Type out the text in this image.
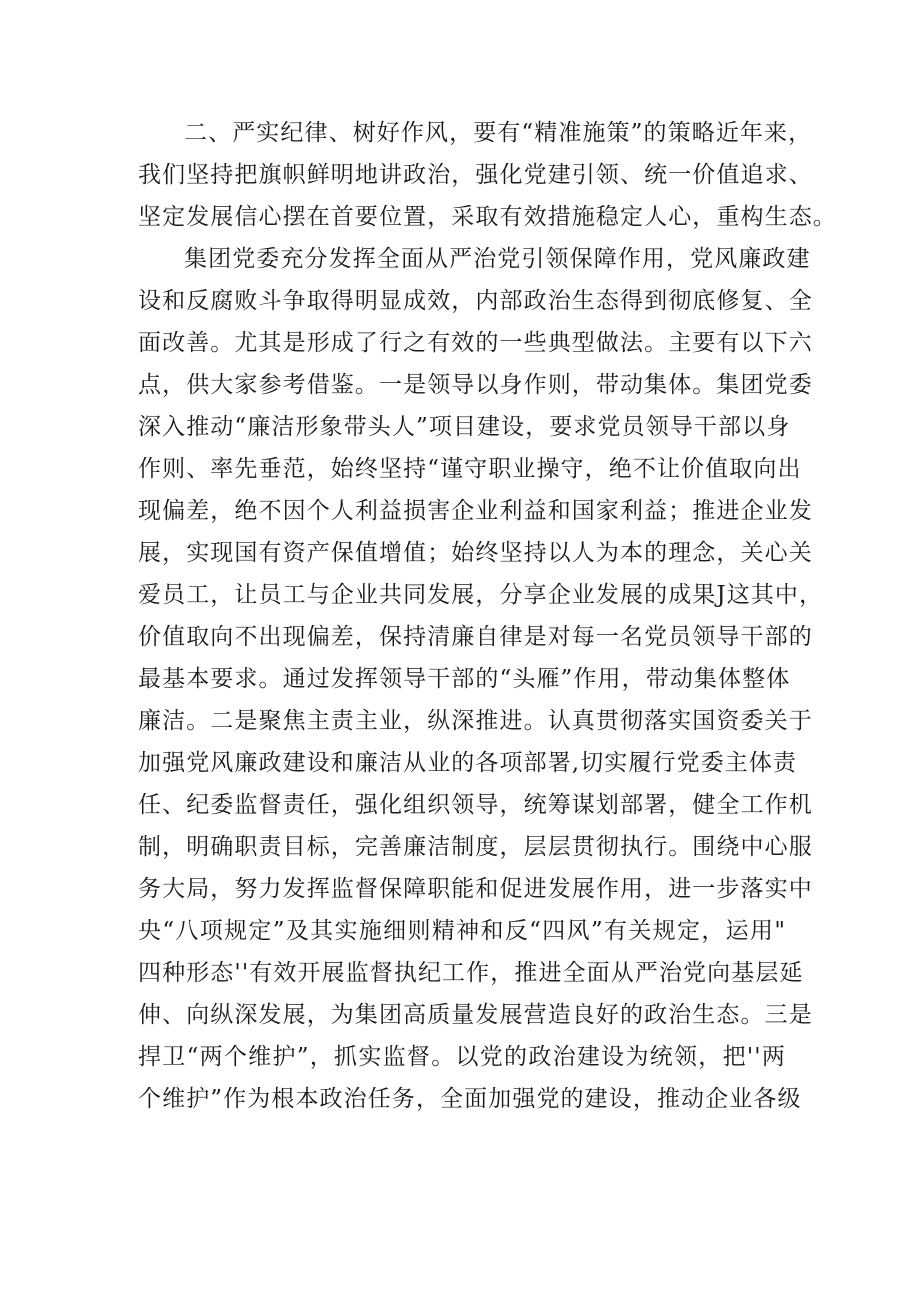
二、严实纪律、树好作风，要有“精准施策”的策略近年来，
我们坚持把旗帜鲜明地讲政治，强化党建引领、统一价值追求、
坚定发展信心摆在首要位置，采取有效措施稳定人心，重构生态。
集团党委充分发挥全面从严治党引领保障作用，党风廉政建
设和反腐败斗争取得明显成效，内部政治生态得到彻底修复、全
面改善。尤其是形成了行之有效的一些典型做法。主要有以下六
点，供大家参考借鉴。一是领导以身作则，带动集体。集团党委
深入推动“廉洁形象带头人”项目建设，要求党员领导干部以身
作则、率先垂范，始终坚持“谨守职业操守，绝不让价值取向出
现偏差，绝不因个人利益损害企业利益和国家利益；推进企业发
展，实现国有资产保值增值；始终坚持以人为本的理念，关心关
爱员工，让员工与企业共同发展，分享企业发展的成果J这其中，
价值取向不出现偏差，保持清廉自律是对每一名党员领导干部的
最基本要求。通过发挥领导干部的“头雁”作用，带动集体整体
廉洁。二是聚焦主责主业，纵深推进。认真贯彻落实国资委关于
加强党风廉政建设和廉洁从业的各项部署,切实履行党委主体责
任、纪委监督责任，强化组织领导，统筹谋划部署，健全工作机
制，明确职责目标，完善廉洁制度，层层贯彻执行。围绕中心服
务大局，努力发挥监督保障职能和促进发展作用，进一步落实中
央“八项规定”及其实施细则精神和反“四风”有关规定，运用"
四种形态''有效开展监督执纪工作，推进全面从严治党向基层延
伸、向纵深发展，为集团高质量发展营造良好的政治生态。三是
捍卫“两个维护”，抓实监督。以党的政治建设为统领，把''两
个维护”作为根本政治任务，全面加强党的建设，推动企业各级
